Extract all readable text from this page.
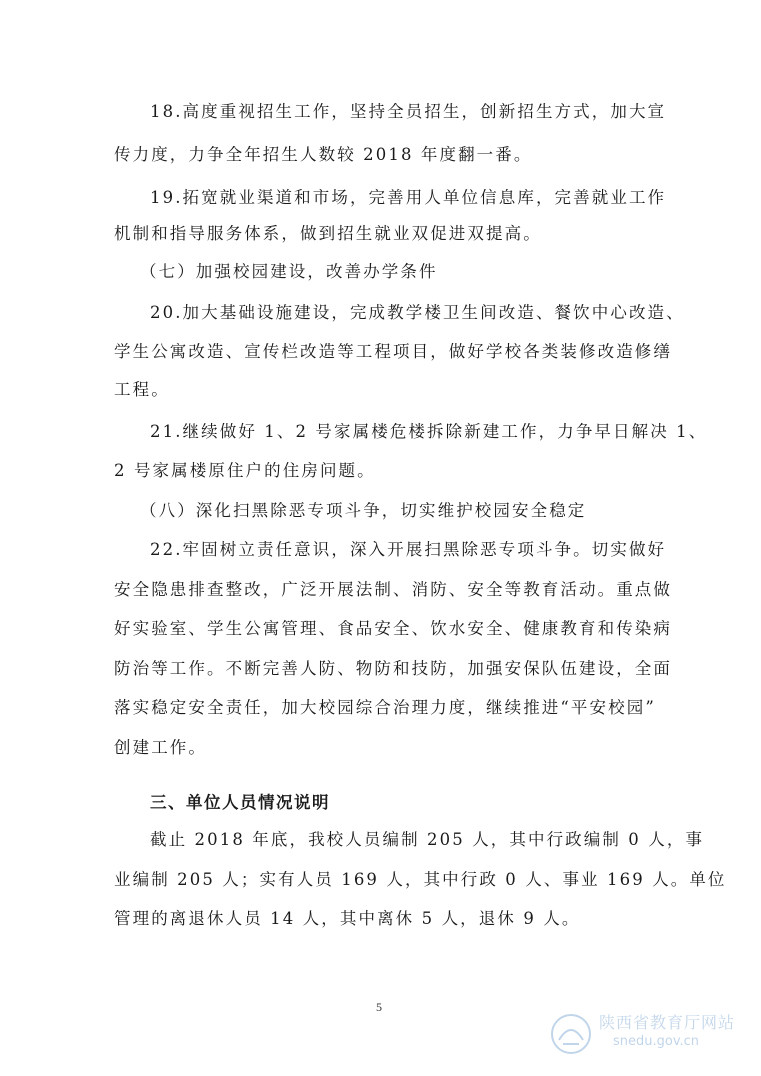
18.高度重视招生工作，坚持全员招生，创新招生方式，加大宣
传力度，力争全年招生人数较 2018 年度翻一番。
19.拓宽就业渠道和市场，完善用人单位信息库，完善就业工作
机制和指导服务体系，做到招生就业双促进双提高。
（七）加强校园建设，改善办学条件
20.加大基础设施建设，完成教学楼卫生间改造、餐饮中心改造、
学生公寓改造、宣传栏改造等工程项目，做好学校各类装修改造修缮
工程。
21.继续做好 1、2 号家属楼危楼拆除新建工作，力争早日解决 1、
2 号家属楼原住户的住房问题。
（八）深化扫黑除恶专项斗争，切实维护校园安全稳定
22.牢固树立责任意识，深入开展扫黑除恶专项斗争。切实做好
安全隐患排查整改，广泛开展法制、消防、安全等教育活动。重点做
好实验室、学生公寓管理、食品安全、饮水安全、健康教育和传染病
防治等工作。不断完善人防、物防和技防，加强安保队伍建设，全面
落实稳定安全责任，加大校园综合治理力度，继续推进“平安校园”
创建工作。
三、单位人员情况说明
截止 2018 年底，我校人员编制 205 人，其中行政编制 0 人，事
业编制 205 人；实有人员 169 人，其中行政 0 人、事业 169 人。单位
管理的离退休人员 14 人，其中离休 5 人，退休 9 人。
5
陕西省教育厅网站
snedu.gov.cn
